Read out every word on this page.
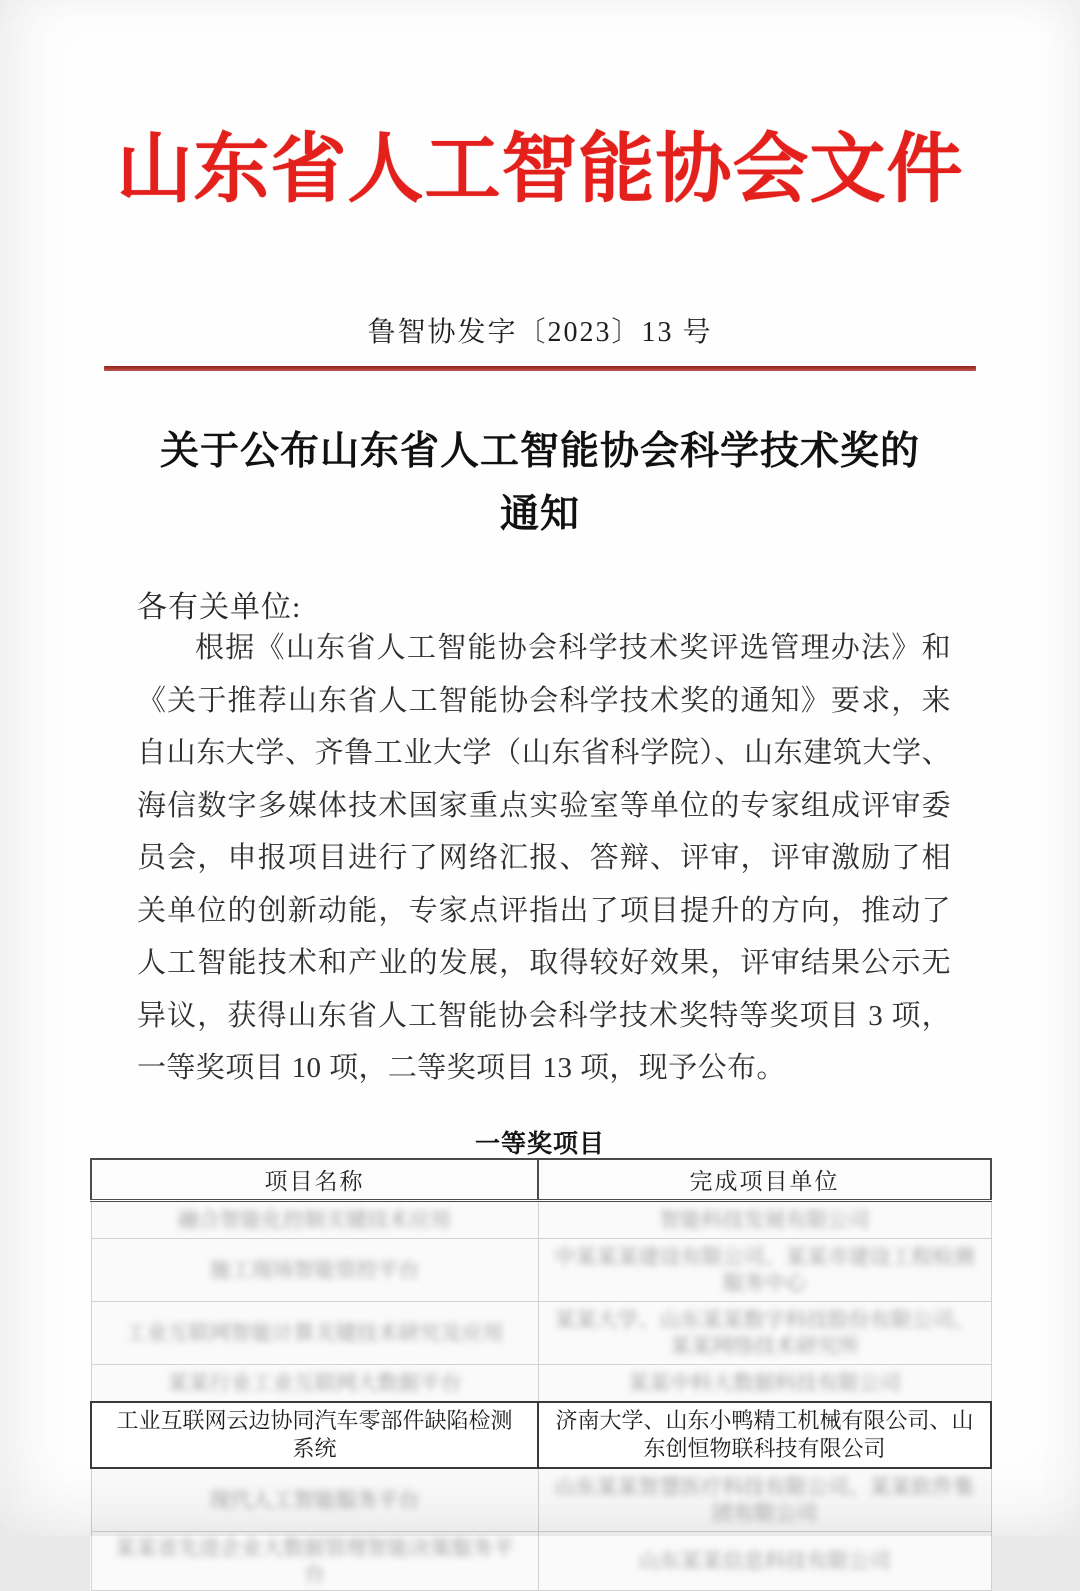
山东省人工智能协会文件
鲁智协发字〔2023〕13 号
关于公布山东省人工智能协会科学技术奖的
通知
各有关单位:
根据《山东省人工智能协会科学技术奖评选管理办法》和《关于推荐山东省人工智能协会科学技术奖的通知》要求，来自山东大学、齐鲁工业大学（山东省科学院）、山东建筑大学、海信数字多媒体技术国家重点实验室等单位的专家组成评审委员会，申报项目进行了网络汇报、答辩、评审，评审激励了相关单位的创新动能，专家点评指出了项目提升的方向，推动了人工智能技术和产业的发展，取得较好效果，评审结果公示无异议，获得山东省人工智能协会科学技术奖特等奖项目 3 项，一等奖项目 10 项，二等奖项目 13 项，现予公布。
一等奖项目
项目名称	完成项目单位
融合智能化控制关键技术应用	智能科技发展有限公司
施工现场智能管控平台	中某某某建设有限公司、某某市建设工程检测服务中心
工业互联网智能计算关键技术研究及应用	某某大学、山东某某数字科技股份有限公司、某某网络技术研究所
某某行业工业互联网大数据平台	某某中科大数据科技有限公司
工业互联网云边协同汽车零部件缺陷检测系统	济南大学、山东小鸭精工机械有限公司、山东创恒物联科技有限公司
现代人工智能服务平台	山东某某智慧医疗科技有限公司、某某软件集团有限公司
某某省先进企业大数据管理智能决策服务平台	山东某某信息科技有限公司
